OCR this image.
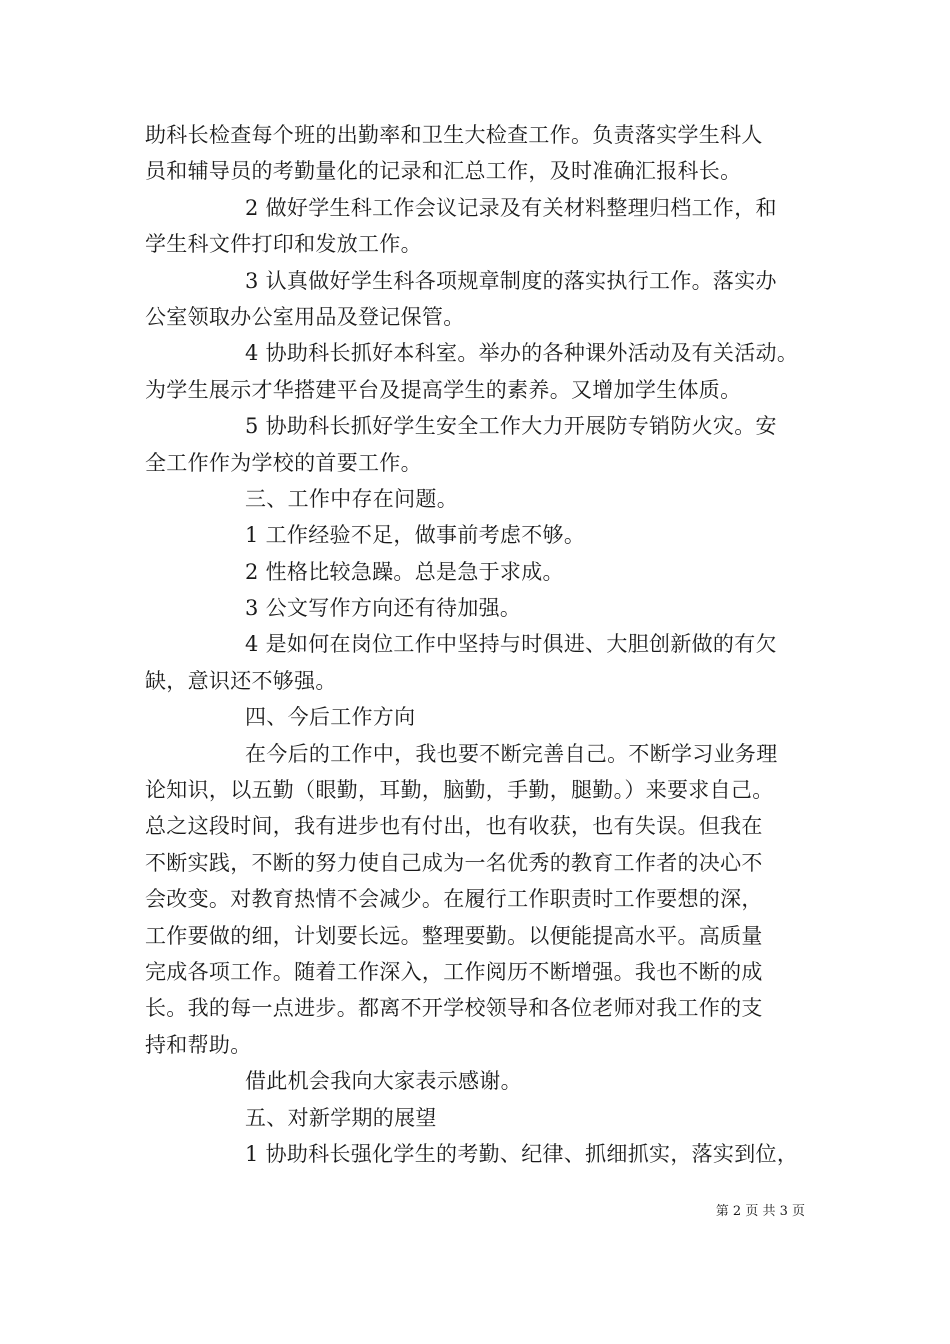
助科长检查每个班的出勤率和卫生大检查工作。负责落实学生科人
员和辅导员的考勤量化的记录和汇总工作，及时准确汇报科长。
2 做好学生科工作会议记录及有关材料整理归档工作，和
学生科文件打印和发放工作。
3 认真做好学生科各项规章制度的落实执行工作。落实办
公室领取办公室用品及登记保管。
4 协助科长抓好本科室。举办的各种课外活动及有关活动。
为学生展示才华搭建平台及提高学生的素养。又增加学生体质。
5 协助科长抓好学生安全工作大力开展防专销防火灾。安
全工作作为学校的首要工作。
三、工作中存在问题。
1 工作经验不足，做事前考虑不够。
2 性格比较急躁。总是急于求成。
3 公文写作方向还有待加强。
4 是如何在岗位工作中坚持与时俱进、大胆创新做的有欠
缺，意识还不够强。
四、今后工作方向
在今后的工作中，我也要不断完善自己。不断学习业务理
论知识，以五勤（眼勤，耳勤，脑勤，手勤，腿勤。）来要求自己。
总之这段时间，我有进步也有付出，也有收获，也有失误。但我在
不断实践，不断的努力使自己成为一名优秀的教育工作者的决心不
会改变。对教育热情不会减少。在履行工作职责时工作要想的深，
工作要做的细，计划要长远。整理要勤。以便能提高水平。高质量
完成各项工作。随着工作深入，工作阅历不断增强。我也不断的成
长。我的每一点进步。都离不开学校领导和各位老师对我工作的支
持和帮助。
借此机会我向大家表示感谢。
五、对新学期的展望
1 协助科长强化学生的考勤、纪律、抓细抓实，落实到位，
第 2 页 共 3 页
